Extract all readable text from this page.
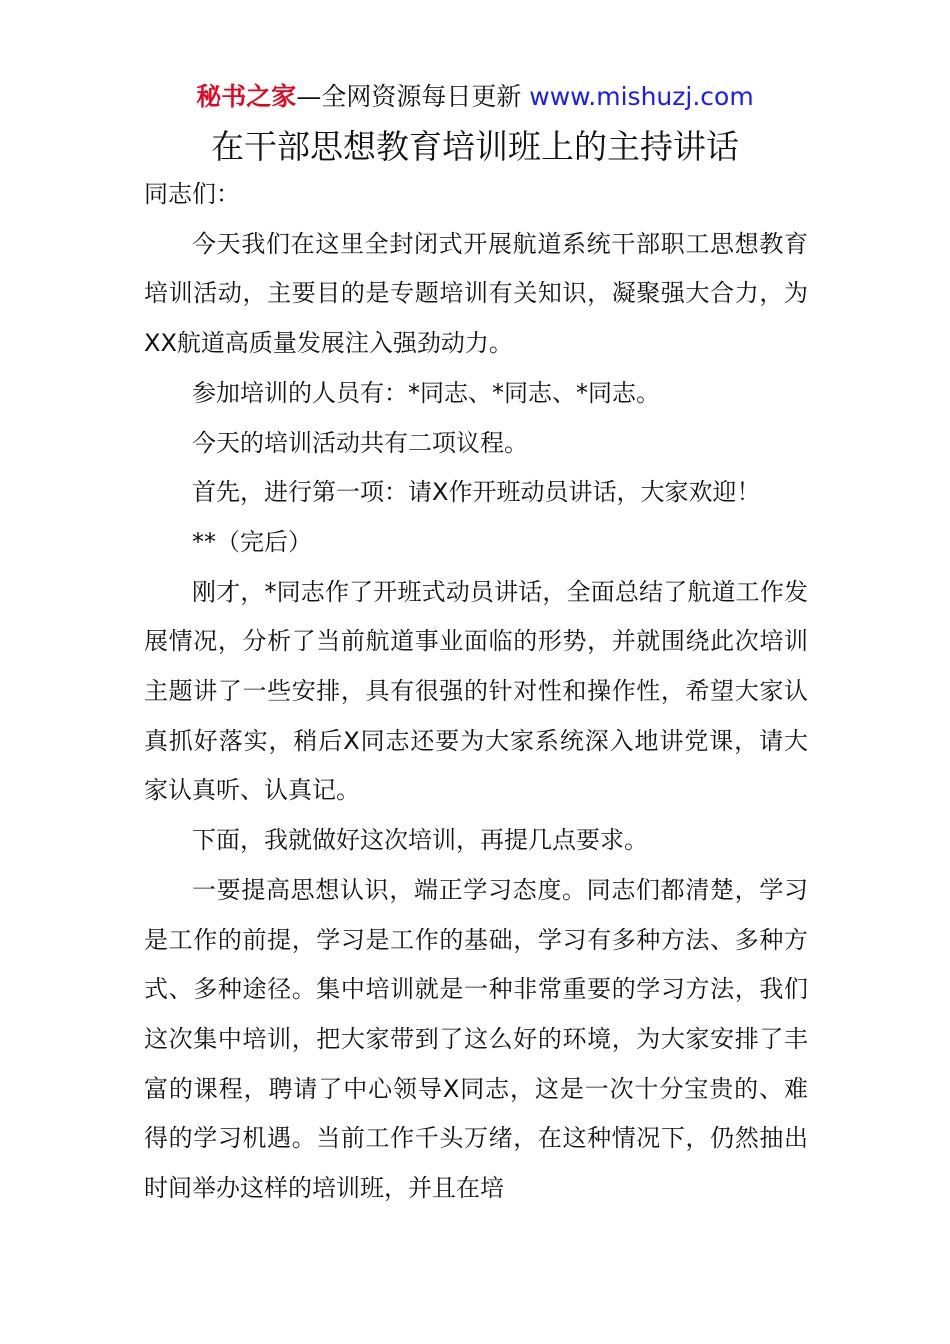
秘书之家—全网资源每日更新 www.mishuzj.com
在干部思想教育培训班上的主持讲话

同志们：

今天我们在这里全封闭式开展航道系统干部职工思想教育培训活动，主要目的是专题培训有关知识，凝聚强大合力，为XX航道高质量发展注入强劲动力。

参加培训的人员有：*同志、*同志、*同志。

今天的培训活动共有二项议程。

首先，进行第一项：请X作开班动员讲话，大家欢迎！

**（完后）

刚才，*同志作了开班式动员讲话，全面总结了航道工作发展情况，分析了当前航道事业面临的形势，并就围绕此次培训主题讲了一些安排，具有很强的针对性和操作性，希望大家认真抓好落实，稍后X同志还要为大家系统深入地讲党课，请大家认真听、认真记。

下面，我就做好这次培训，再提几点要求。

一要提高思想认识，端正学习态度。同志们都清楚，学习是工作的前提，学习是工作的基础，学习有多种方法、多种方式、多种途径。集中培训就是一种非常重要的学习方法，我们这次集中培训，把大家带到了这么好的环境，为大家安排了丰富的课程，聘请了中心领导X同志，这是一次十分宝贵的、难得的学习机遇。当前工作千头万绪，在这种情况下，仍然抽出时间举办这样的培训班，并且在培
